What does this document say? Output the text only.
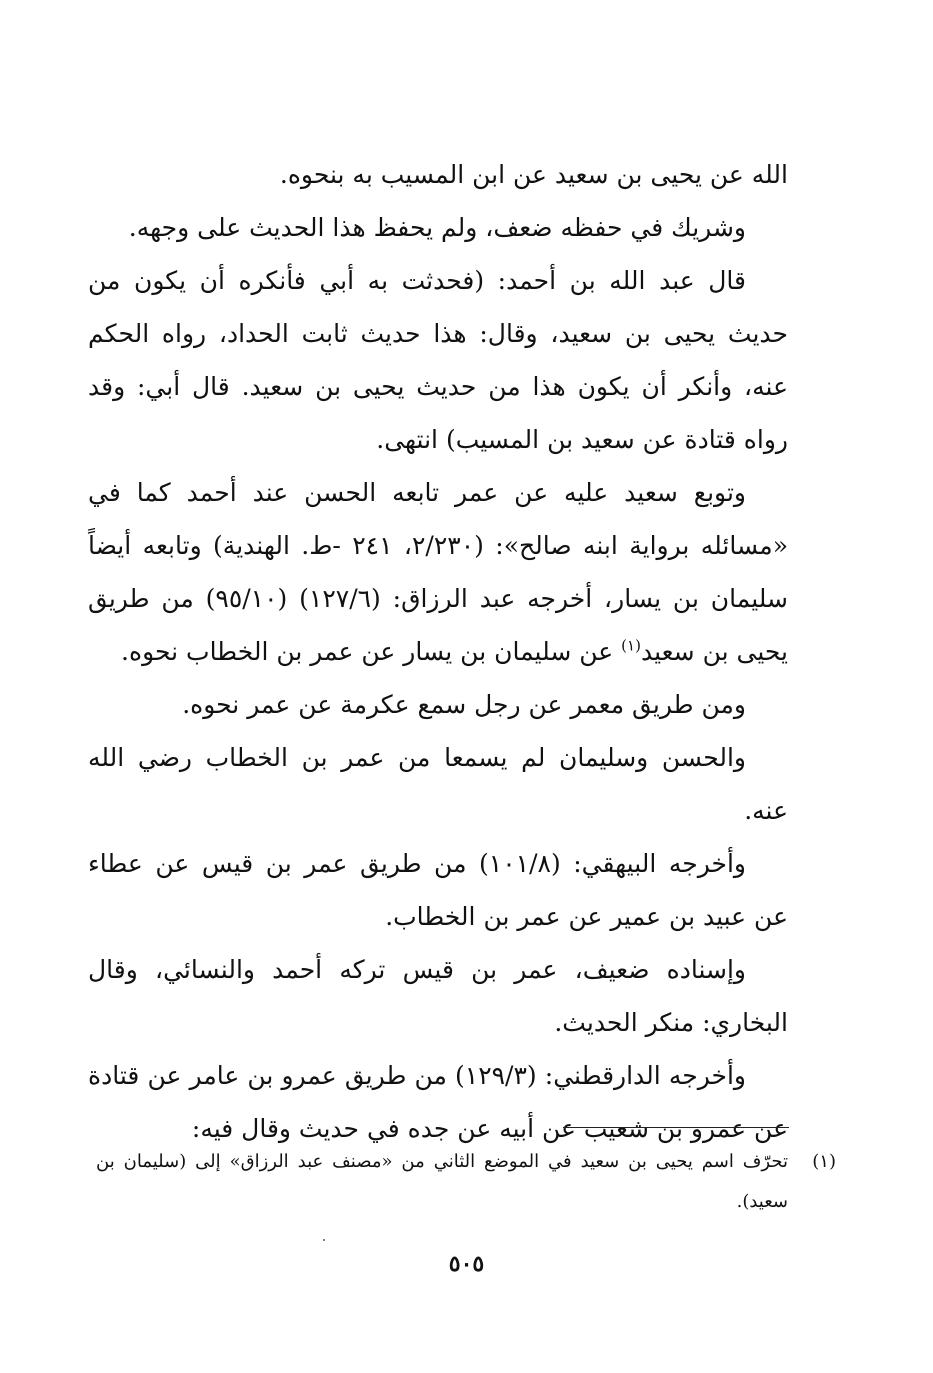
الله عن يحيى بن سعيد عن ابن المسيب به بنحوه.

وشريك في حفظه ضعف، ولم يحفظ هذا الحديث على وجهه.

قال عبد الله بن أحمد: (فحدثت به أبي فأنكره أن يكون من حديث يحيى بن سعيد، وقال: هذا حديث ثابت الحداد، رواه الحكم عنه، وأنكر أن يكون هذا من حديث يحيى بن سعيد. قال أبي: وقد رواه قتادة عن سعيد بن المسيب) انتهى.

وتوبع سعيد عليه عن عمر تابعه الحسن عند أحمد كما في «مسائله برواية ابنه صالح»: (٢/٢٣٠، ٢٤١ -ط. الهندية) وتابعه أيضاً سليمان بن يسار، أخرجه عبد الرزاق: (١٢٧/٦) (٩٥/١٠) من طريق يحيى بن سعيد$^{(١)}$ عن سليمان بن يسار عن عمر بن الخطاب نحوه.

ومن طريق معمر عن رجل سمع عكرمة عن عمر نحوه.

والحسن وسليمان لم يسمعا من عمر بن الخطاب رضي الله عنه.

وأخرجه البيهقي: (١٠١/٨) من طريق عمر بن قيس عن عطاء عن عبيد بن عمير عن عمر بن الخطاب.

وإسناده ضعيف، عمر بن قيس تركه أحمد والنسائي، وقال البخاري: منكر الحديث.

وأخرجه الدارقطني: (١٢٩/٣) من طريق عمرو بن عامر عن قتادة عن عمرو بن شعيب عن أبيه عن جده في حديث وقال فيه:

(١)
تحرّف اسم يحيى بن سعيد في الموضع الثاني من «مصنف عبد الرزاق» إلى (سليمان بن سعيد).

٥٠٥
